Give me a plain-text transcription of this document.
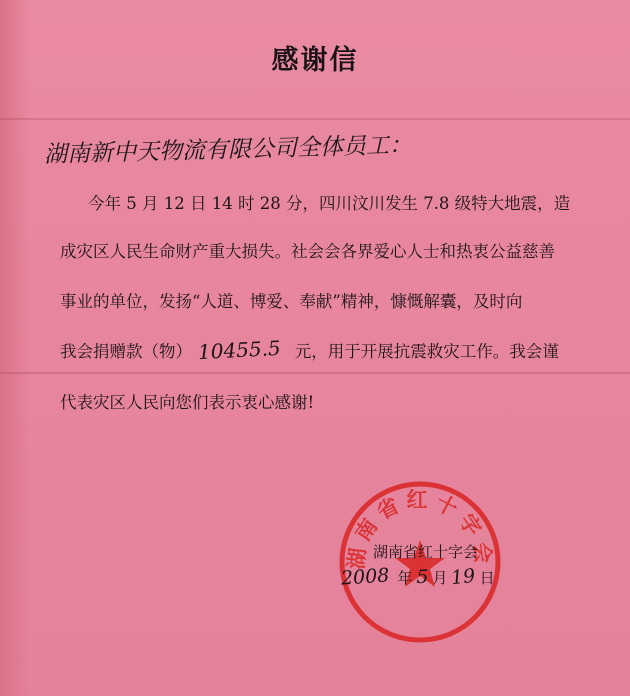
感谢信
湖南新中天物流有限公司全体员工：
今年 5 月 12 日 14 时 28 分，四川汶川发生 7.8 级特大地震，造
成灾区人民生命财产重大损失。社会会各界爱心人士和热衷公益慈善
事业的单位，发扬“人道、博爱、奉献”精神，慷慨解囊，及时向
我会捐赠款（物） 10455.5 元，用于开展抗震救灾工作。我会谨
代表灾区人民向您们表示衷心感谢!
湖南省红十字会
湖南省红十字会
2008 年 5 月 19 日
